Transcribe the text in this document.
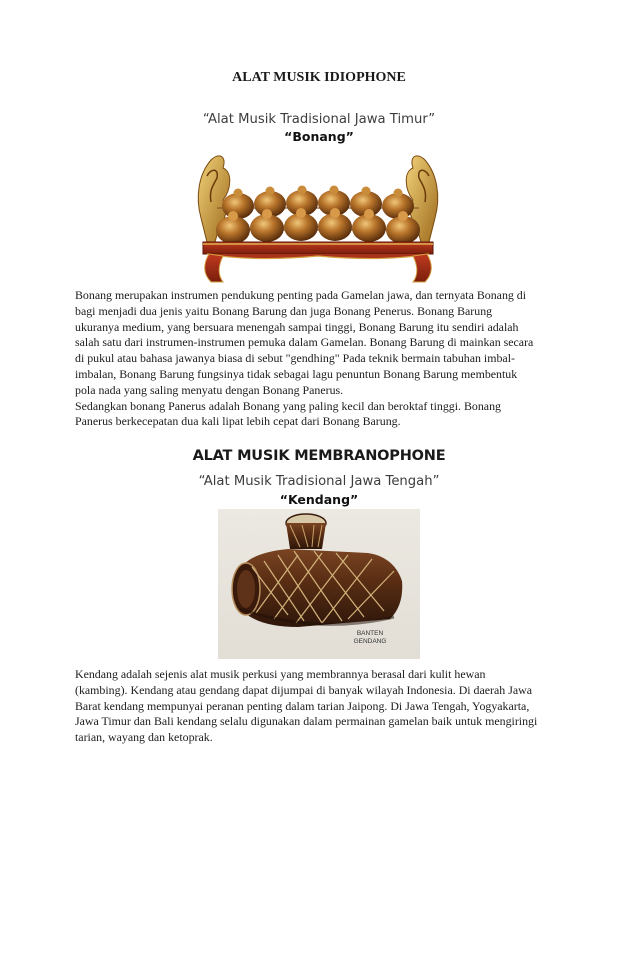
ALAT MUSIK IDIOPHONE
“Alat Musik Tradisional Jawa Timur”
“Bonang”
Bonang merupakan instrumen pendukung penting pada Gamelan jawa, dan ternyata Bonang di
bagi menjadi dua jenis yaitu Bonang Barung dan juga Bonang Penerus. Bonang Barung
ukuranya medium, yang bersuara menengah sampai tinggi, Bonang Barung itu sendiri adalah
salah satu dari instrumen-instrumen pemuka dalam Gamelan. Bonang Barung di mainkan secara
di pukul atau bahasa jawanya biasa di sebut "gendhing" Pada teknik bermain tabuhan imbal-
imbalan, Bonang Barung fungsinya tidak sebagai lagu penuntun Bonang Barung membentuk
pola nada yang saling menyatu dengan Bonang Panerus.
Sedangkan bonang Panerus adalah Bonang yang paling kecil dan beroktaf tinggi. Bonang
Panerus berkecepatan dua kali lipat lebih cepat dari Bonang Barung.
ALAT MUSIK MEMBRANOPHONE
“Alat Musik Tradisional Jawa Tengah”
“Kendang”
BANTEN
GENDANG
Kendang adalah sejenis alat musik perkusi yang membrannya berasal dari kulit hewan
(kambing). Kendang atau gendang dapat dijumpai di banyak wilayah Indonesia. Di daerah Jawa
Barat kendang mempunyai peranan penting dalam tarian Jaipong. Di Jawa Tengah, Yogyakarta,
Jawa Timur dan Bali kendang selalu digunakan dalam permainan gamelan baik untuk mengiringi
tarian, wayang dan ketoprak.
